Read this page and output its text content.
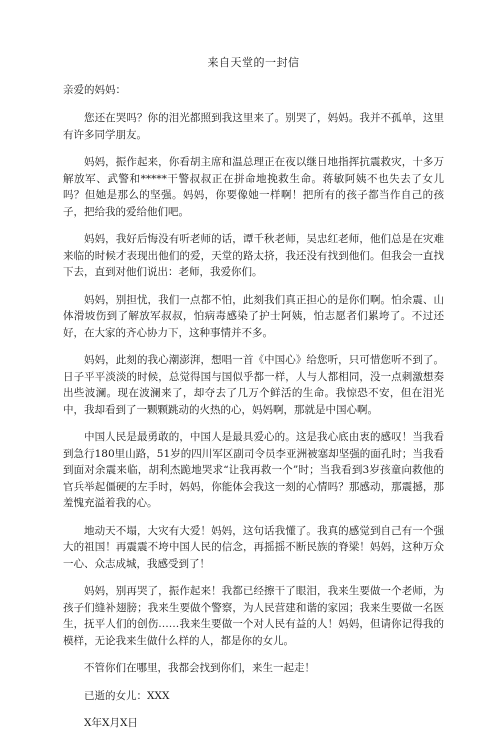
来自天堂的一封信
亲爱的妈妈：

您还在哭吗？你的泪光都照到我这里来了。别哭了，妈妈。我并不孤单，这里有许多同学朋友。

妈妈，振作起来，你看胡主席和温总理正在夜以继日地指挥抗震救灾，十多万解放军、武警和*****干警叔叔正在拼命地挽救生命。蒋敏阿姨不也失去了女儿吗？但她是那么的坚强。妈妈，你要像她一样啊！把所有的孩子都当作自己的孩子，把给我的爱给他们吧。

妈妈，我好后悔没有听老师的话，谭千秋老师，吴忠红老师，他们总是在灾难来临的时候才表现出他们的爱，天堂的路太挤，我还没有找到他们。但我会一直找下去，直到对他们说出：老师，我爱你们。

妈妈，别担忧，我们一点都不怕，此刻我们真正担心的是你们啊。怕余震、山体滑坡伤到了解放军叔叔，怕病毒感染了护士阿姨，怕志愿者们累垮了。不过还好，在大家的齐心协力下，这种事情并不多。

妈妈，此刻的我心潮澎湃，想唱一首《中国心》给您听，只可惜您听不到了。日子平平淡淡的时候，总觉得国与国似乎都一样，人与人都相同，没一点刺激想奏出些波澜。现在波澜来了，却夺去了几万个鲜活的生命。我惊恐不安，但在泪光中，我却看到了一颗颗跳动的火热的心，妈妈啊，那就是中国心啊。

中国人民是最勇敢的，中国人是最具爱心的。这是我心底由衷的感叹！当我看到急行180里山路，51岁的四川军区副司令员李亚洲被塞却坚强的面孔时；当我看到面对余震来临，胡利杰跪地哭求“让我再救一个”时；当我看到3岁孩童向救他的官兵举起僵硬的左手时，妈妈，你能体会我这一刻的心情吗？那感动，那震撼，那羞愧充溢着我的心。

地动天不塌，大灾有大爱！妈妈，这句话我懂了。我真的感觉到自己有一个强大的祖国！再震震不垮中国人民的信念，再摇摇不断民族的脊梁！妈妈，这种万众一心、众志成城，我感受到了！

妈妈，别再哭了，振作起来！我都已经擦干了眼泪，我来生要做一个老师，为孩子们缝补翅膀；我来生要做个警察，为人民营建和谐的家园；我来生要做一名医生，抚平人们的创伤……我来生要做一个对人民有益的人！妈妈，但请你记得我的模样，无论我来生做什么样的人，都是你的女儿。

不管你们在哪里，我都会找到你们，来生一起走！

已逝的女儿：XXX

X年X月X日
